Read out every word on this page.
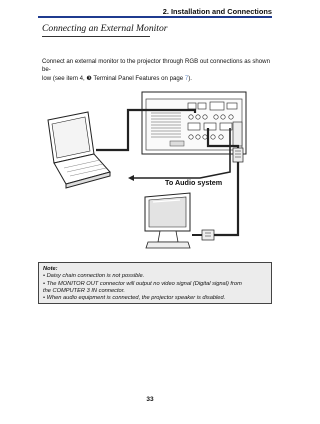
2. Installation and Connections
Connecting an External Monitor
Connect an external monitor to the projector through RGB out connections as shown be-
low (see item 4, ❸ Terminal Panel Features on page 7).
To Audio system
Note:
• Daisy chain connection is not possible.
• The MONITOR OUT connector will output no video signal (Digital signal) from
the COMPUTER 3 IN connector.
• When audio equipment is connected, the projector speaker is disabled.
33
